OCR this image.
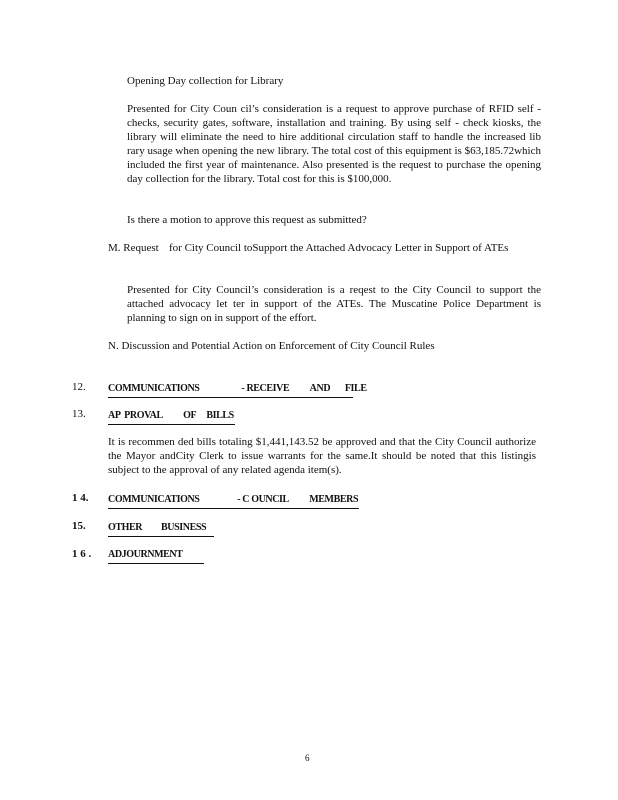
Opening Day collection for Library
Presented for City Coun cil’s consideration is a request to approve purchase of RFID self - checks, security gates, software, installation and training. By using self - check kiosks, the library will eliminate the need to hire additional circulation staff to handle the increased lib rary usage when opening the new library. The total cost of this equipment is $63,185.72which included the first year of maintenance. Also presented is the request to purchase the opening day collection for the library. Total cost for this is $100,000.
Is there a motion to approve this request as submitted?
M. Request for City Council toSupport the Attached Advocacy Letter in Support of ATEs
Presented for City Council’s consideration is a reqest to the City Council to support the attached advocacy let ter in support of the ATEs. The Muscatine Police Department is planning to sign on in support of the effort.
N. Discussion and Potential Action on Enforcement of City Council Rules
12. COMMUNICATIONS                    - RECEIVE          AND       FILE
13. AP  PROVAL          OF     BILLS
It is recommen ded bills totaling $1,441,143.52 be approved and that the City Council authorize the Mayor andCity Clerk to issue warrants for the same.It should be noted that this listingis subject to the approval of any related agenda item(s).
1 4. COMMUNICATIONS                  - C OUNCIL          MEMBERS
15. OTHER         BUSINESS
1 6 . ADJOURNMENT
6
